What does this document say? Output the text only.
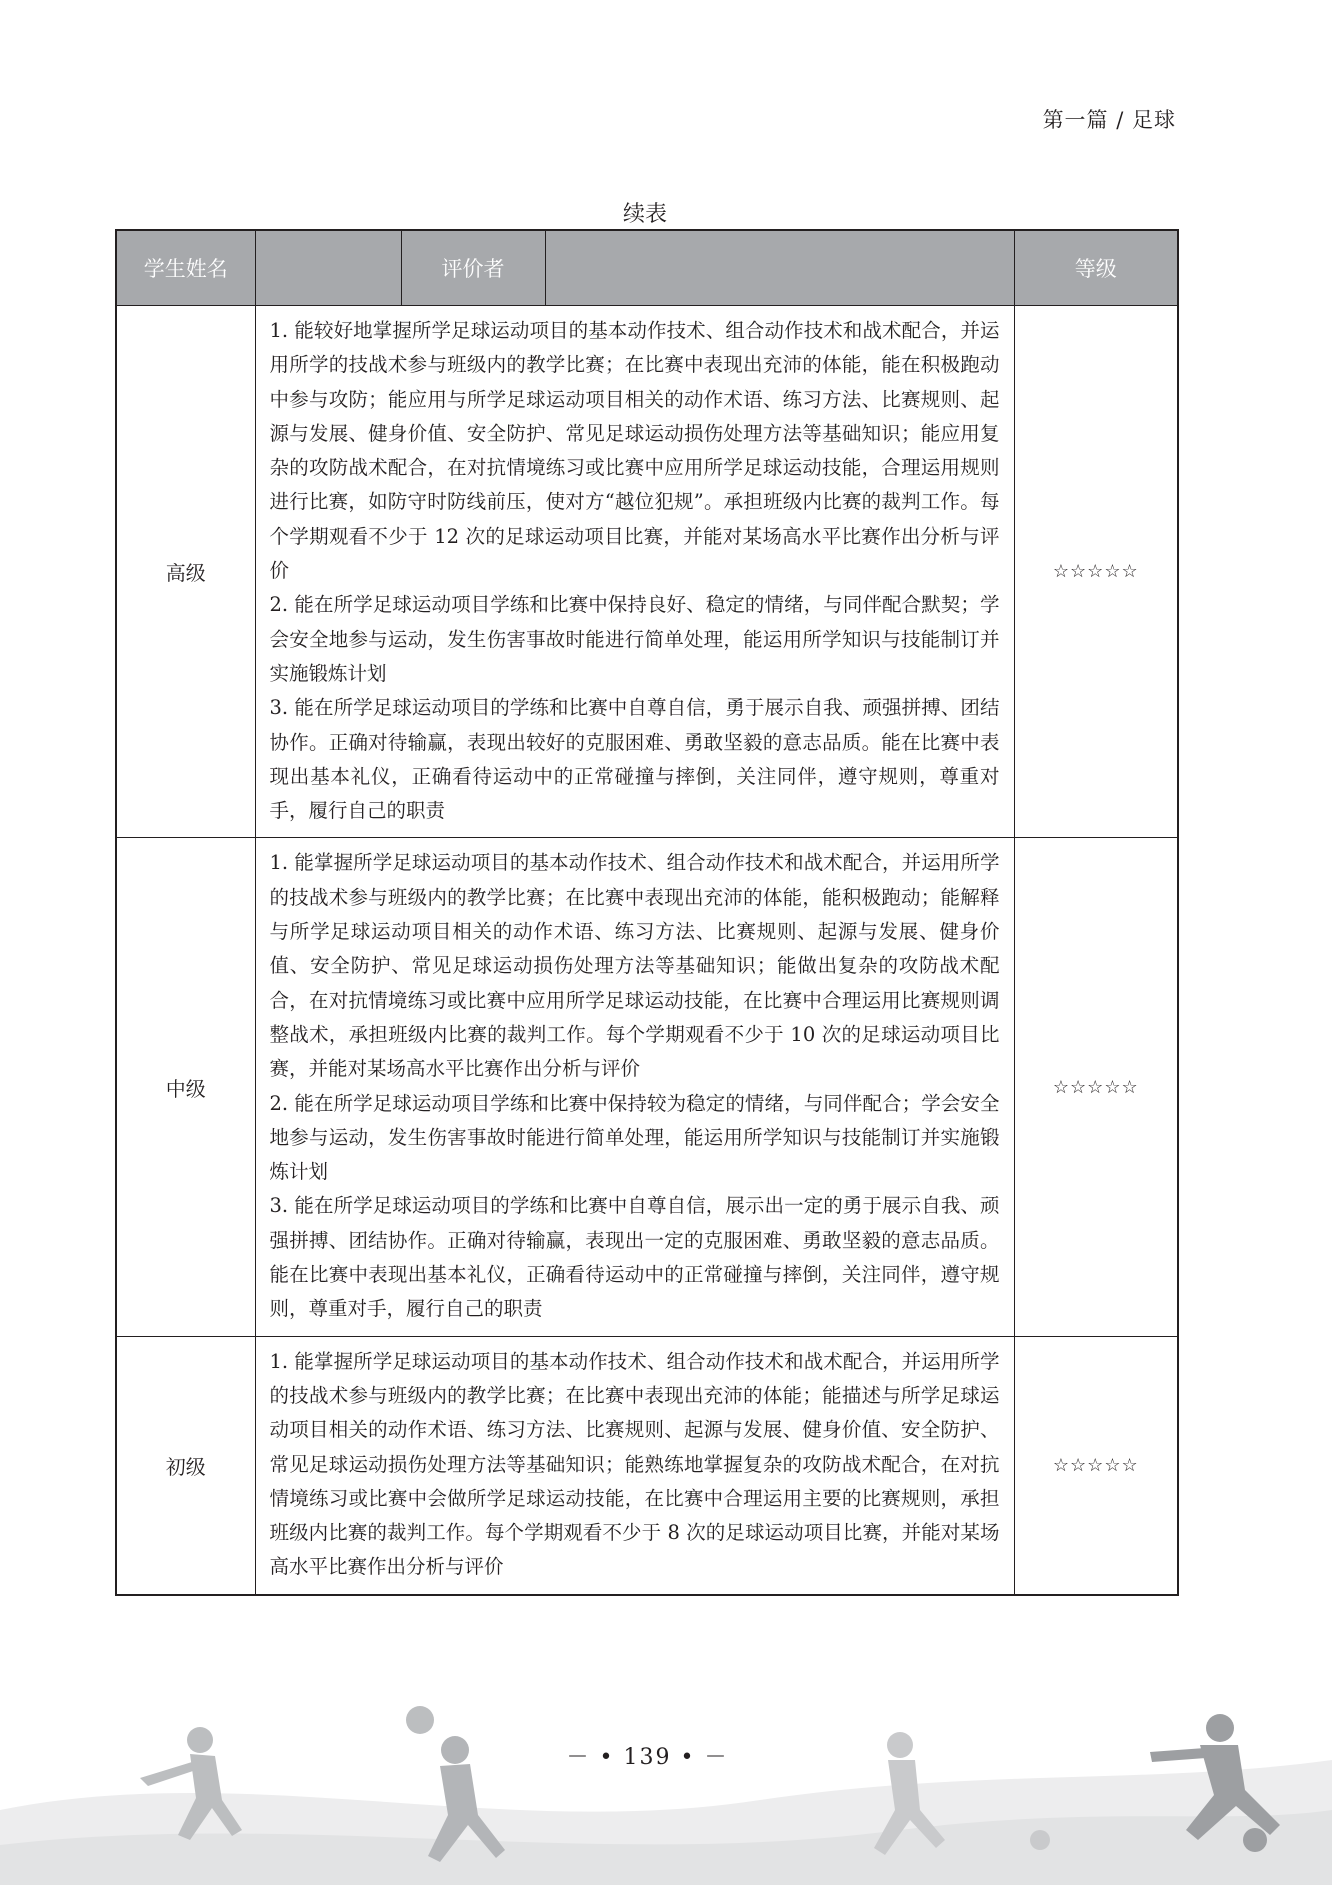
第一篇 / 足球
续表
学生姓名		评价者		等级
高级	1. 能较好地掌握所学足球运动项目的基本动作技术、组合动作技术和战术配合，并运用所学的技战术参与班级内的教学比赛；在比赛中表现出充沛的体能，能在积极跑动中参与攻防；能应用与所学足球运动项目相关的动作术语、练习方法、比赛规则、起源与发展、健身价值、安全防护、常见足球运动损伤处理方法等基础知识；能应用复杂的攻防战术配合，在对抗情境练习或比赛中应用所学足球运动技能，合理运用规则进行比赛，如防守时防线前压，使对方“越位犯规”。承担班级内比赛的裁判工作。每个学期观看不少于 12 次的足球运动项目比赛，并能对某场高水平比赛作出分析与评价

2. 能在所学足球运动项目学练和比赛中保持良好、稳定的情绪，与同伴配合默契；学会安全地参与运动，发生伤害事故时能进行简单处理，能运用所学知识与技能制订并实施锻炼计划

3. 能在所学足球运动项目的学练和比赛中自尊自信，勇于展示自我、顽强拼搏、团结协作。正确对待输赢，表现出较好的克服困难、勇敢坚毅的意志品质。能在比赛中表现出基本礼仪，正确看待运动中的正常碰撞与摔倒，关注同伴，遵守规则，尊重对手，履行自己的职责			☆☆☆☆☆
中级	1. 能掌握所学足球运动项目的基本动作技术、组合动作技术和战术配合，并运用所学的技战术参与班级内的教学比赛；在比赛中表现出充沛的体能，能积极跑动；能解释与所学足球运动项目相关的动作术语、练习方法、比赛规则、起源与发展、健身价值、安全防护、常见足球运动损伤处理方法等基础知识；能做出复杂的攻防战术配合，在对抗情境练习或比赛中应用所学足球运动技能，在比赛中合理运用比赛规则调整战术，承担班级内比赛的裁判工作。每个学期观看不少于 10 次的足球运动项目比赛，并能对某场高水平比赛作出分析与评价

2. 能在所学足球运动项目学练和比赛中保持较为稳定的情绪，与同伴配合；学会安全地参与运动，发生伤害事故时能进行简单处理，能运用所学知识与技能制订并实施锻炼计划

3. 能在所学足球运动项目的学练和比赛中自尊自信，展示出一定的勇于展示自我、顽强拼搏、团结协作。正确对待输赢，表现出一定的克服困难、勇敢坚毅的意志品质。能在比赛中表现出基本礼仪，正确看待运动中的正常碰撞与摔倒，关注同伴，遵守规则，尊重对手，履行自己的职责			☆☆☆☆☆
初级	1. 能掌握所学足球运动项目的基本动作技术、组合动作技术和战术配合，并运用所学的技战术参与班级内的教学比赛；在比赛中表现出充沛的体能；能描述与所学足球运动项目相关的动作术语、练习方法、比赛规则、起源与发展、健身价值、安全防护、常见足球运动损伤处理方法等基础知识；能熟练地掌握复杂的攻防战术配合，在对抗情境练习或比赛中会做所学足球运动技能，在比赛中合理运用主要的比赛规则，承担班级内比赛的裁判工作。每个学期观看不少于 8 次的足球运动项目比赛，并能对某场高水平比赛作出分析与评价			☆☆☆☆☆
－ • 139 • －
